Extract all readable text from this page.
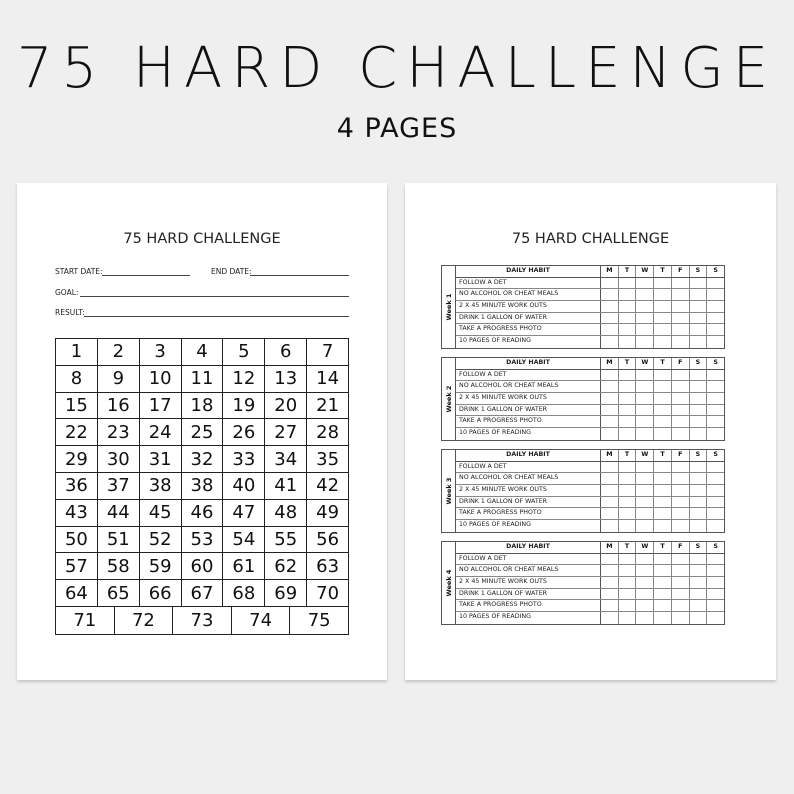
75 HARD CHALLENGE
4 PAGES
75 HARD CHALLENGE
START DATE:	END DATE:
GOAL:
RESULT:
1	2	3	4	5	6	7
8	9	10	11	12	13	14
15	16	17	18	19	20	21
22	23	24	25	26	27	28
29	30	31	32	33	34	35
36	37	38	38	40	41	42
43	44	45	46	47	48	49
50	51	52	53	54	55	56
57	58	59	60	61	62	63
64	65	66	67	68	69	70
71	72	73	74	75
75 HARD CHALLENGE
Week 1
DAILY HABIT	M	T	W	T	F	S	S
FOLLOW A DET
NO ALCOHOL OR CHEAT MEALS
2 X 45 MINUTE WORK OUTS
DRINK 1 GALLON OF WATER
TAKE A PROGRESS PHOTO
10 PAGES OF READING
Week 2
DAILY HABIT	M	T	W	T	F	S	S
FOLLOW A DET
NO ALCOHOL OR CHEAT MEALS
2 X 45 MINUTE WORK OUTS
DRINK 1 GALLON OF WATER
TAKE A PROGRESS PHOTO
10 PAGES OF READING
Week 3
DAILY HABIT	M	T	W	T	F	S	S
FOLLOW A DET
NO ALCOHOL OR CHEAT MEALS
2 X 45 MINUTE WORK OUTS
DRINK 1 GALLON OF WATER
TAKE A PROGRESS PHOTO
10 PAGES OF READING
Week 4
DAILY HABIT	M	T	W	T	F	S	S
FOLLOW A DET
NO ALCOHOL OR CHEAT MEALS
2 X 45 MINUTE WORK OUTS
DRINK 1 GALLON OF WATER
TAKE A PROGRESS PHOTO
10 PAGES OF READING
